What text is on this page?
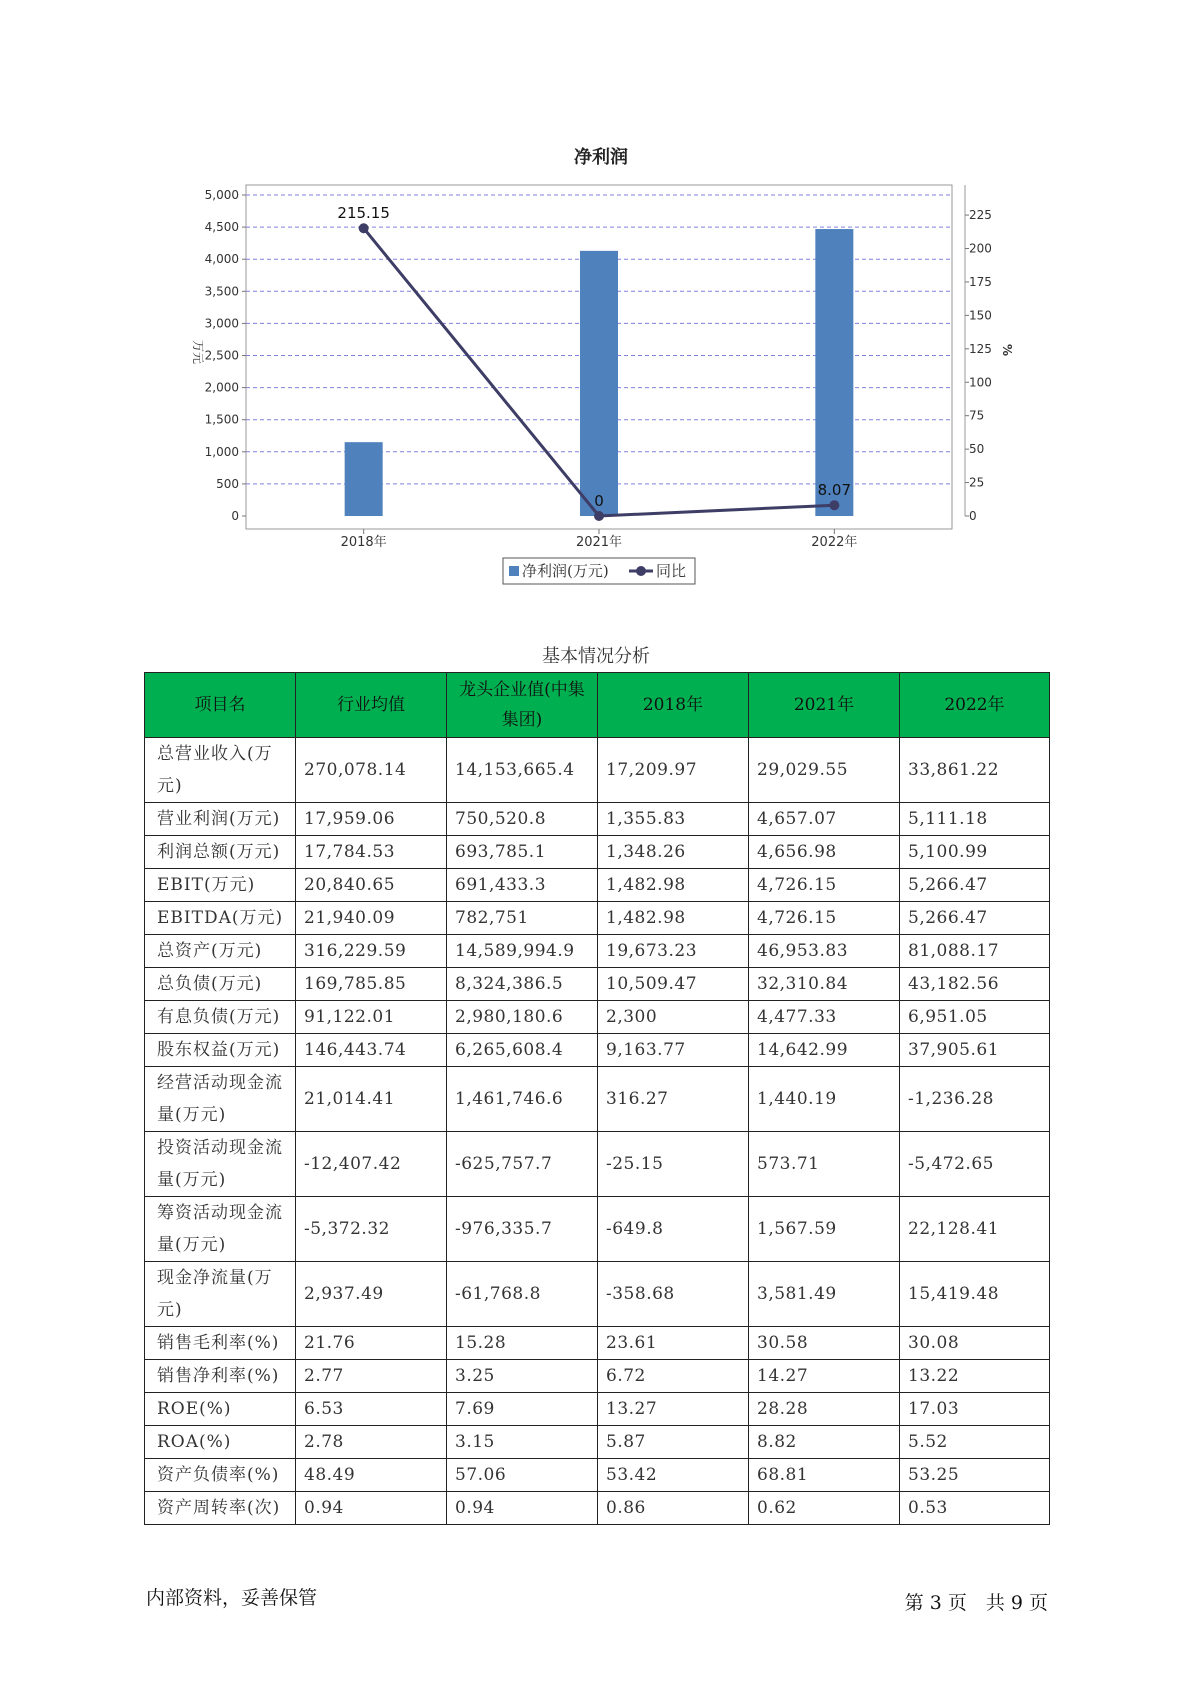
净利润
0
500
1,000
1,500
2,000
2,500
3,000
3,500
4,000
4,500
5,000
0
25
50
75
100
125
150
175
200
225
万元	%
2018年	2021年	2022年
215.15
0
8.07
净利润(万元)	同比
基本情况分析
项目名	行业均值	龙头企业值(中集集团)	2018年	2021年	2022年
总营业收入(万元)	270,078.14	14,153,665.4	17,209.97	29,029.55	33,861.22
营业利润(万元)	17,959.06	750,520.8	1,355.83	4,657.07	5,111.18
利润总额(万元)	17,784.53	693,785.1	1,348.26	4,656.98	5,100.99
EBIT(万元)	20,840.65	691,433.3	1,482.98	4,726.15	5,266.47
EBITDA(万元)	21,940.09	782,751	1,482.98	4,726.15	5,266.47
总资产(万元)	316,229.59	14,589,994.9	19,673.23	46,953.83	81,088.17
总负债(万元)	169,785.85	8,324,386.5	10,509.47	32,310.84	43,182.56
有息负债(万元)	91,122.01	2,980,180.6	2,300	4,477.33	6,951.05
股东权益(万元)	146,443.74	6,265,608.4	9,163.77	14,642.99	37,905.61
经营活动现金流量(万元)	21,014.41	1,461,746.6	316.27	1,440.19	-1,236.28
投资活动现金流量(万元)	-12,407.42	-625,757.7	-25.15	573.71	-5,472.65
筹资活动现金流量(万元)	-5,372.32	-976,335.7	-649.8	1,567.59	22,128.41
现金净流量(万元)	2,937.49	-61,768.8	-358.68	3,581.49	15,419.48
销售毛利率(%)	21.76	15.28	23.61	30.58	30.08
销售净利率(%)	2.77	3.25	6.72	14.27	13.22
ROE(%)	6.53	7.69	13.27	28.28	17.03
ROA(%)	2.78	3.15	5.87	8.82	5.52
资产负债率(%)	48.49	57.06	53.42	68.81	53.25
资产周转率(次)	0.94	0.94	0.86	0.62	0.53
内部资料，妥善保管	第 3 页　共 9 页
